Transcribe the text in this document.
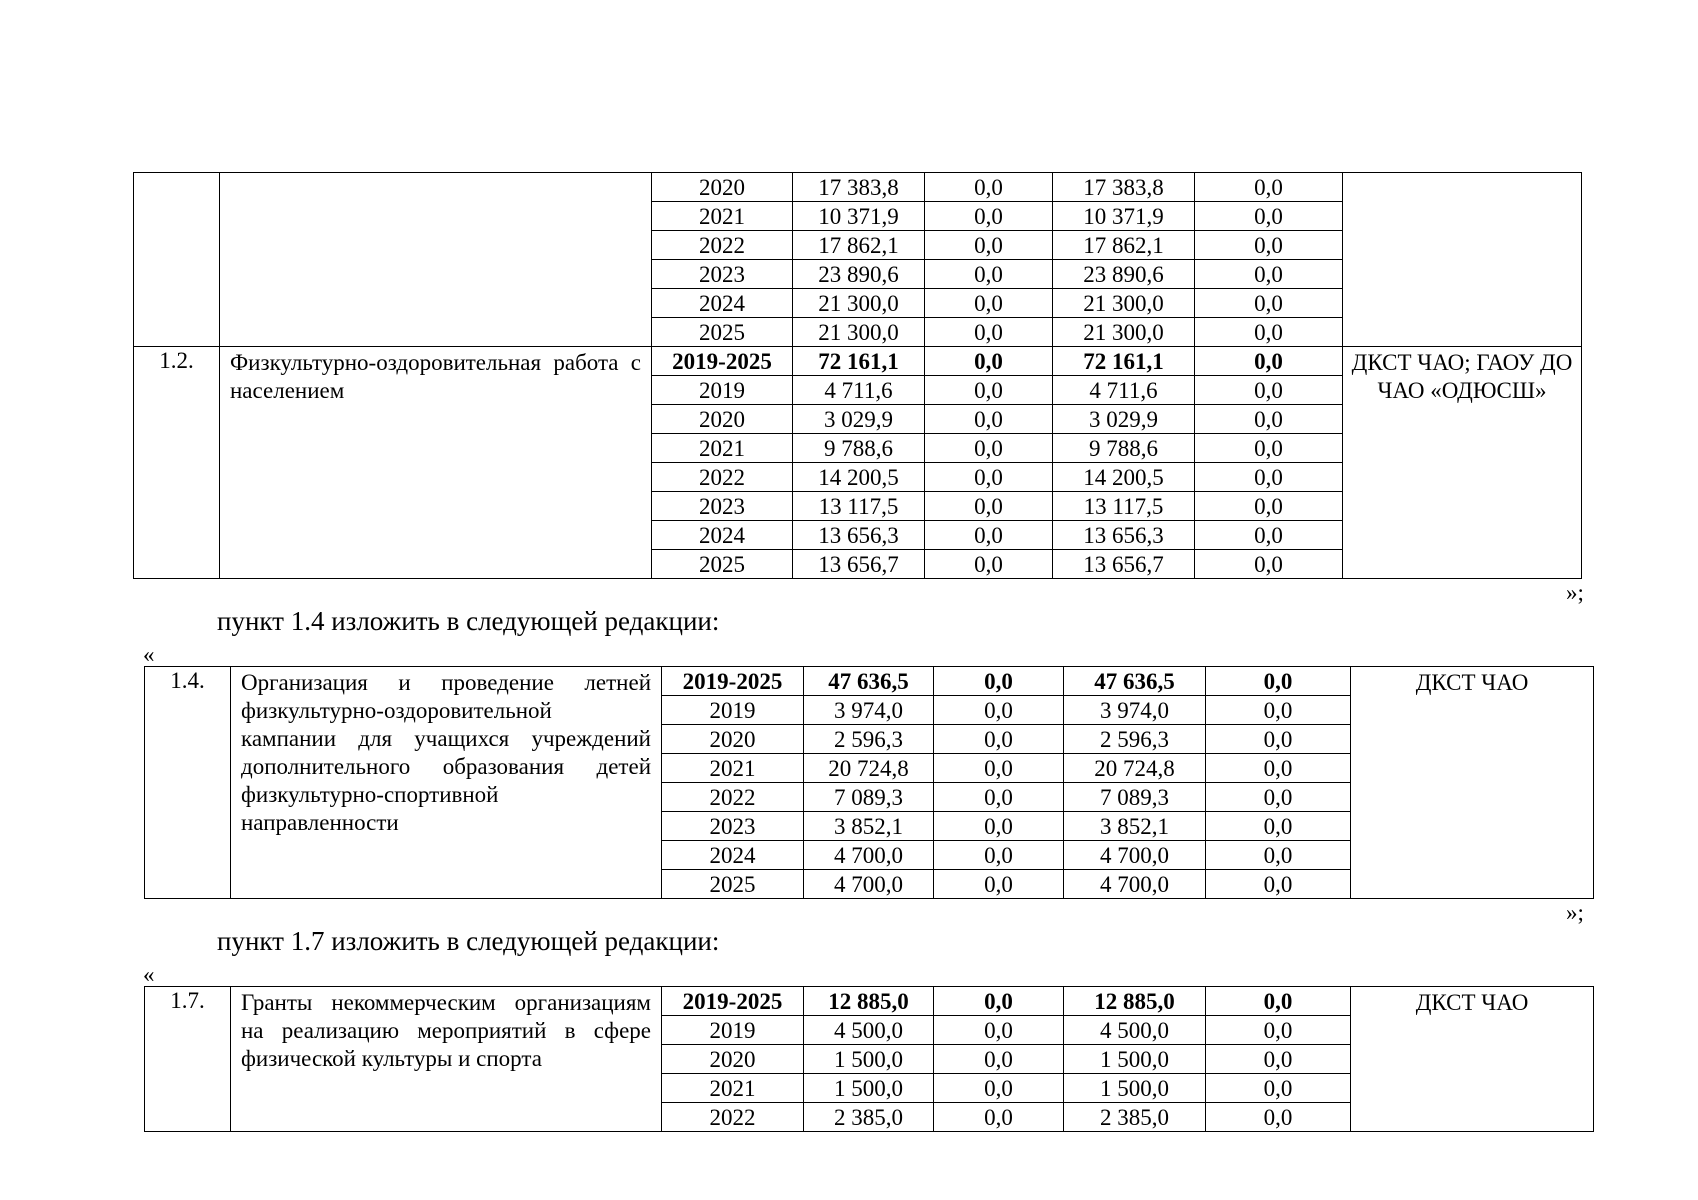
		2020	17 383,8	0,0	17 383,8	0,0	
		2021	10 371,9	0,0	10 371,9	0,0	
		2022	17 862,1	0,0	17 862,1	0,0	
		2023	23 890,6	0,0	23 890,6	0,0	
		2024	21 300,0	0,0	21 300,0	0,0	
		2025	21 300,0	0,0	21 300,0	0,0	
1.2.	Физкультурно-оздоровительная работа с населением	2019-2025	72 161,1	0,0	72 161,1	0,0	ДКСТ ЧАО; ГАОУ ДО ЧАО «ОДЮСШ»
		2019	4 711,6	0,0	4 711,6	0,0	
		2020	3 029,9	0,0	3 029,9	0,0	
		2021	9 788,6	0,0	9 788,6	0,0	
		2022	14 200,5	0,0	14 200,5	0,0	
		2023	13 117,5	0,0	13 117,5	0,0	
		2024	13 656,3	0,0	13 656,3	0,0	
		2025	13 656,7	0,0	13 656,7	0,0	
»;
пункт 1.4 изложить в следующей редакции:
«
1.4.	Организация и проведение летней физкультурно-оздоровительной кампании для учащихся учреждений дополнительного образования детей физкультурно-спортивной направленности	2019-2025	47 636,5	0,0	47 636,5	0,0	ДКСТ ЧАО
		2019	3 974,0	0,0	3 974,0	0,0	
		2020	2 596,3	0,0	2 596,3	0,0	
		2021	20 724,8	0,0	20 724,8	0,0	
		2022	7 089,3	0,0	7 089,3	0,0	
		2023	3 852,1	0,0	3 852,1	0,0	
		2024	4 700,0	0,0	4 700,0	0,0	
		2025	4 700,0	0,0	4 700,0	0,0	
»;
пункт 1.7 изложить в следующей редакции:
«
1.7.	Гранты некоммерческим организациям на реализацию мероприятий в сфере физической культуры и спорта	2019-2025	12 885,0	0,0	12 885,0	0,0	ДКСТ ЧАО
		2019	4 500,0	0,0	4 500,0	0,0	
		2020	1 500,0	0,0	1 500,0	0,0	
		2021	1 500,0	0,0	1 500,0	0,0	
		2022	2 385,0	0,0	2 385,0	0,0	
